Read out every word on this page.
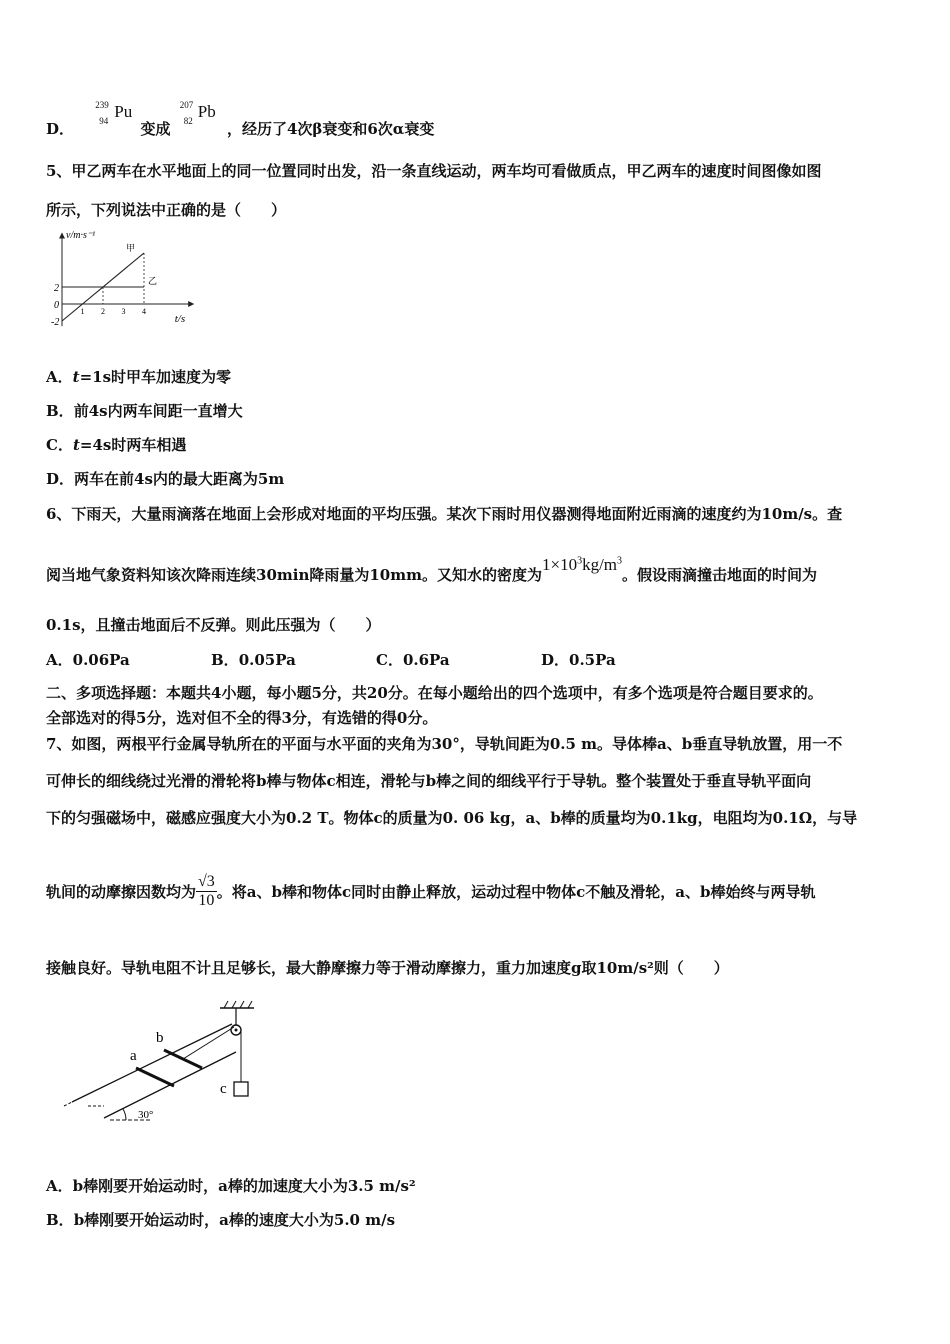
D．
239
94 Pu
变成
207
82 Pb
，经历了4次β衰变和6次α衰变
5、甲乙两车在水平地面上的同一位置同时出发，沿一条直线运动，两车均可看做质点，甲乙两车的速度时间图像如图
所示，下列说法中正确的是（　　）
v/m·s⁻¹
t/s
1 2 3 4
2
0
-2
甲
乙
A．t=1s时甲车加速度为零
B．前4s内两车间距一直增大
C．t=4s时两车相遇
D．两车在前4s内的最大距离为5m
6、下雨天，大量雨滴落在地面上会形成对地面的平均压强。某次下雨时用仪器测得地面附近雨滴的速度约为10m/s。查
阅当地气象资料知该次降雨连续30min降雨量为10mm。又知水的密度为$1\times 10^3kg/m^3$。假设雨滴撞击地面的时间为
0.1s，且撞击地面后不反弹。则此压强为（　　）
A．0.06Pa	B．0.05Pa	C．0.6Pa	D．0.5Pa
二、多项选择题：本题共4小题，每小题5分，共20分。在每小题给出的四个选项中，有多个选项是符合题目要求的。
全部选对的得5分，选对但不全的得3分，有选错的得0分。
7、如图，两根平行金属导轨所在的平面与水平面的夹角为30°，导轨间距为0.5 m。导体棒a、b垂直导轨放置，用一不
可伸长的细线绕过光滑的滑轮将b棒与物体c相连，滑轮与b棒之间的细线平行于导轨。整个装置处于垂直导轨平面向
下的匀强磁场中，磁感应强度大小为0.2 T。物体c的质量为0. 06 kg，a、b棒的质量均为0.1kg，电阻均为0.1Ω，与导
轨间的动摩擦因数均为 $\frac{√3}{10}$ 。将a、b棒和物体c同时由静止释放，运动过程中物体c不触及滑轮，a、b棒始终与两导轨
接触良好。导轨电阻不计且足够长，最大静摩擦力等于滑动摩擦力，重力加速度g取10m/s²则（　　）
a
b
c
30°
A．b棒刚要开始运动时，a棒的加速度大小为3.5 m/s²
B．b棒刚要开始运动时，a棒的速度大小为5.0 m/s
